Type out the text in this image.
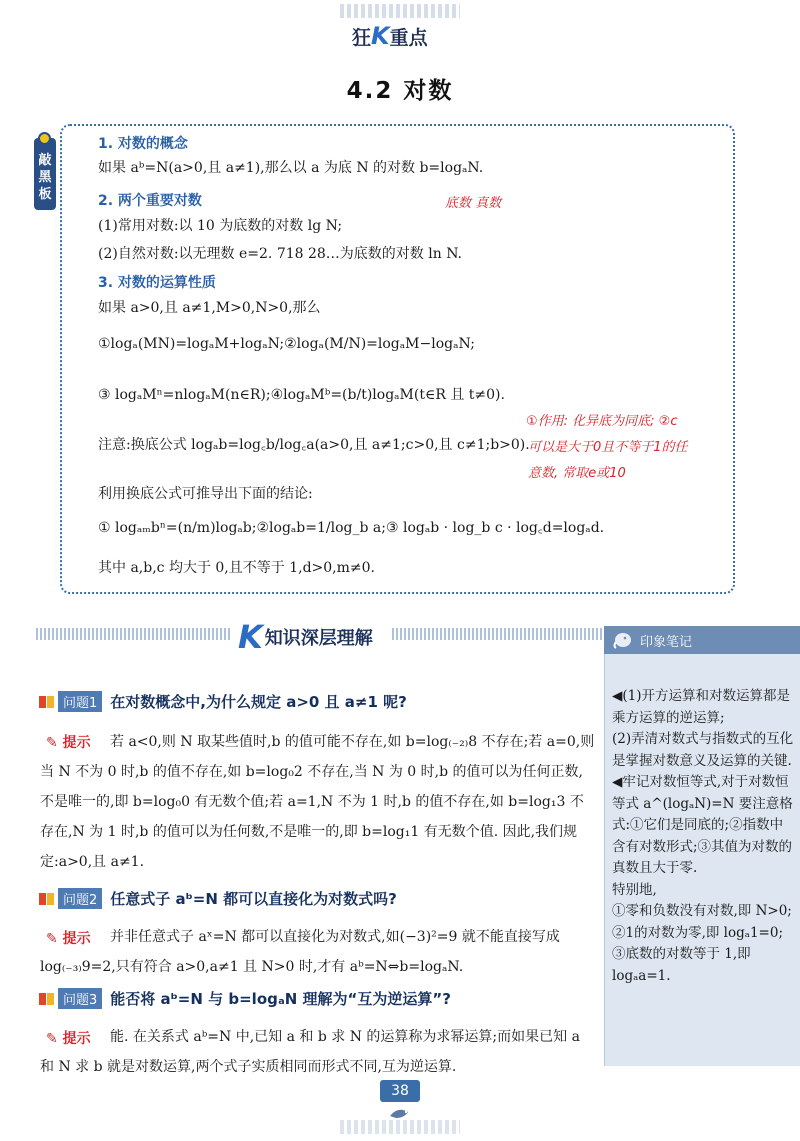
狂K重点
4.2 对数
敲
黑
板
1. 对数的概念
如果 aᵇ=N(a>0,且 a≠1),那么以 a 为底 N 的对数 b=logₐN.
底数 真数
2. 两个重要对数
(1)常用对数:以 10 为底数的对数 lg N;
(2)自然对数:以无理数 e=2. 718 28…为底数的对数 ln N.
3. 对数的运算性质
如果 a>0,且 a≠1,M>0,N>0,那么
①logₐ(MN)=logₐM+logₐN;②logₐ(M/N)=logₐM−logₐN;
③ logₐMⁿ=nlogₐM(n∈R);④logₐMᵇ=(b/t)logₐM(t∈R 且 t≠0).
注意:换底公式 logₐb=log꜀b/log꜀a(a>0,且 a≠1;c>0,且 c≠1;b>0).
①作用: 化异底为同底; ②c
可以是大于0且不等于1的任
意数, 常取e或10
利用换底公式可推导出下面的结论:
① logₐₘbⁿ=(n/m)logₐb;②logₐb=1/log_b a;③ logₐb · log_b c · log꜀d=logₐd.
其中 a,b,c 均大于 0,且不等于 1,d>0,m≠0.
K知识深层理解	印象笔记

◀(1)开方运算和对数运算都是乘方运算的逆运算;

(2)弄清对数式与指数式的互化是掌握对数意义及运算的关键.

◀牢记对数恒等式,对于对数恒等式 a^(logₐN)=N 要注意格式:①它们是同底的;②指数中含有对数形式;③其值为对数的真数且大于零.

特别地,

①零和负数没有对数,即 N>0;

②1的对数为零,即 logₐ1=0;

③底数的对数等于 1,即 logₐa=1.

问题1 在对数概念中,为什么规定 a>0 且 a≠1 呢?
✎ 提示	若 a<0,则 N 取某些值时,b 的值可能不存在,如 b=log₍₋₂₎8 不存在;若 a=0,则当 N 不为 0 时,b 的值不存在,如 b=log₀2 不存在,当 N 为 0 时,b 的值可以为任何正数,不是唯一的,即 b=log₀0 有无数个值;若 a=1,N 不为 1 时,b 的值不存在,如 b=log₁3 不存在,N 为 1 时,b 的值可以为任何数,不是唯一的,即 b=log₁1 有无数个值. 因此,我们规定:a>0,且 a≠1.
问题2 任意式子 aᵇ=N 都可以直接化为对数式吗?
✎ 提示	并非任意式子 aˣ=N 都可以直接化为对数式,如(−3)²=9 就不能直接写成 log₍₋₃₎9=2,只有符合 a>0,a≠1 且 N>0 时,才有 aᵇ=N⇔b=logₐN.
问题3 能否将 aᵇ=N 与 b=logₐN 理解为“互为逆运算”?
✎ 提示	能. 在关系式 aᵇ=N 中,已知 a 和 b 求 N 的运算称为求幂运算;而如果已知 a 和 N 求 b 就是对数运算,两个式子实质相同而形式不同,互为逆运算.
38
